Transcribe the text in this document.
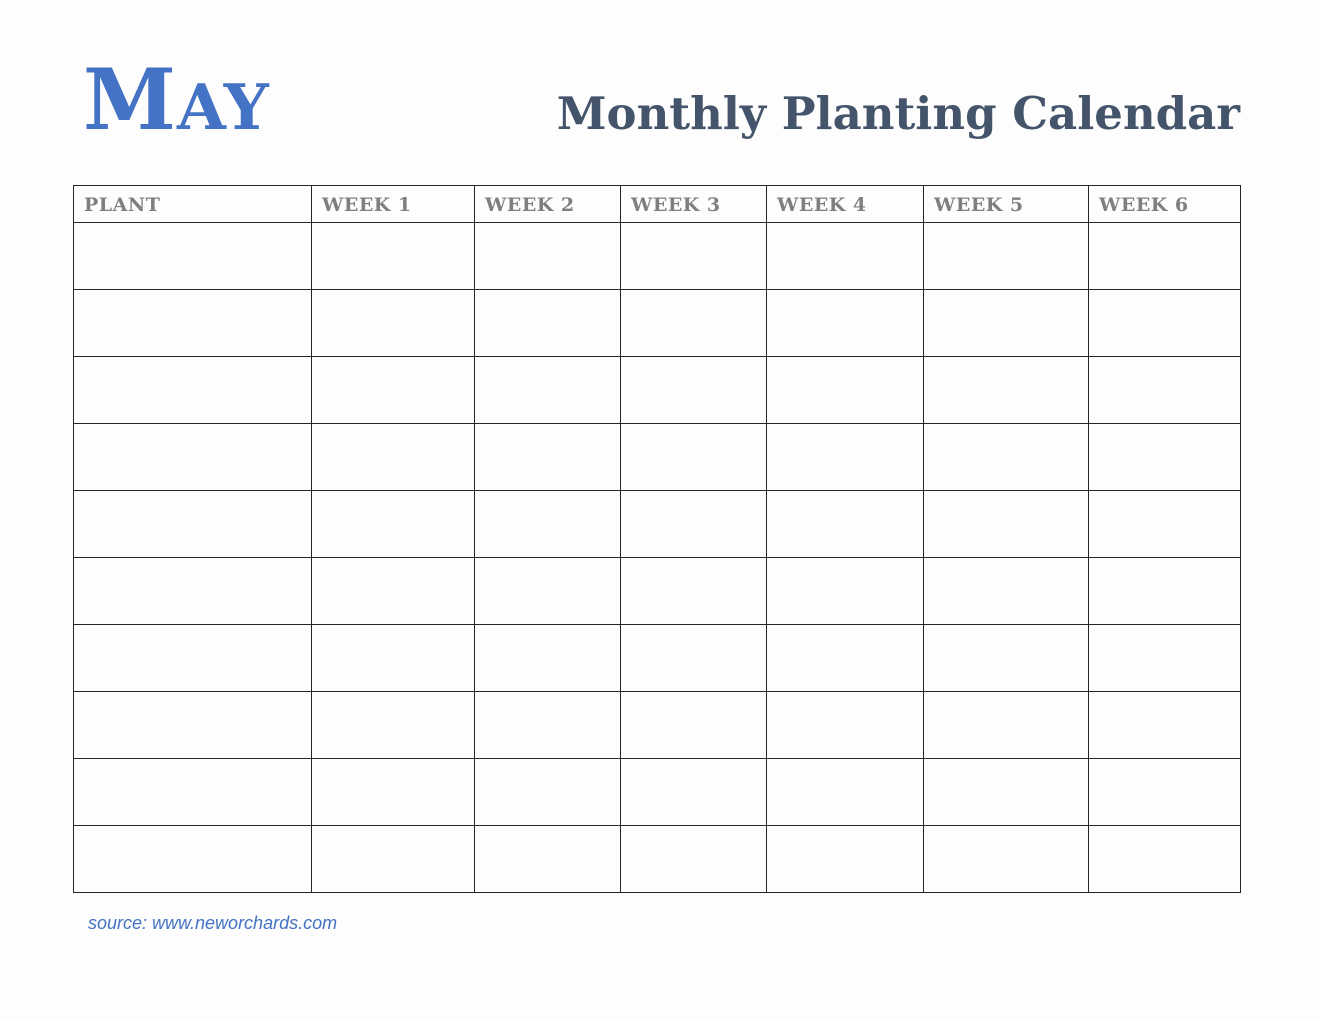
MAY	Monthly Planting Calendar
PLANT	WEEK 1	WEEK 2	WEEK 3	WEEK 4	WEEK 5	WEEK 6

source: www.neworchards.com
